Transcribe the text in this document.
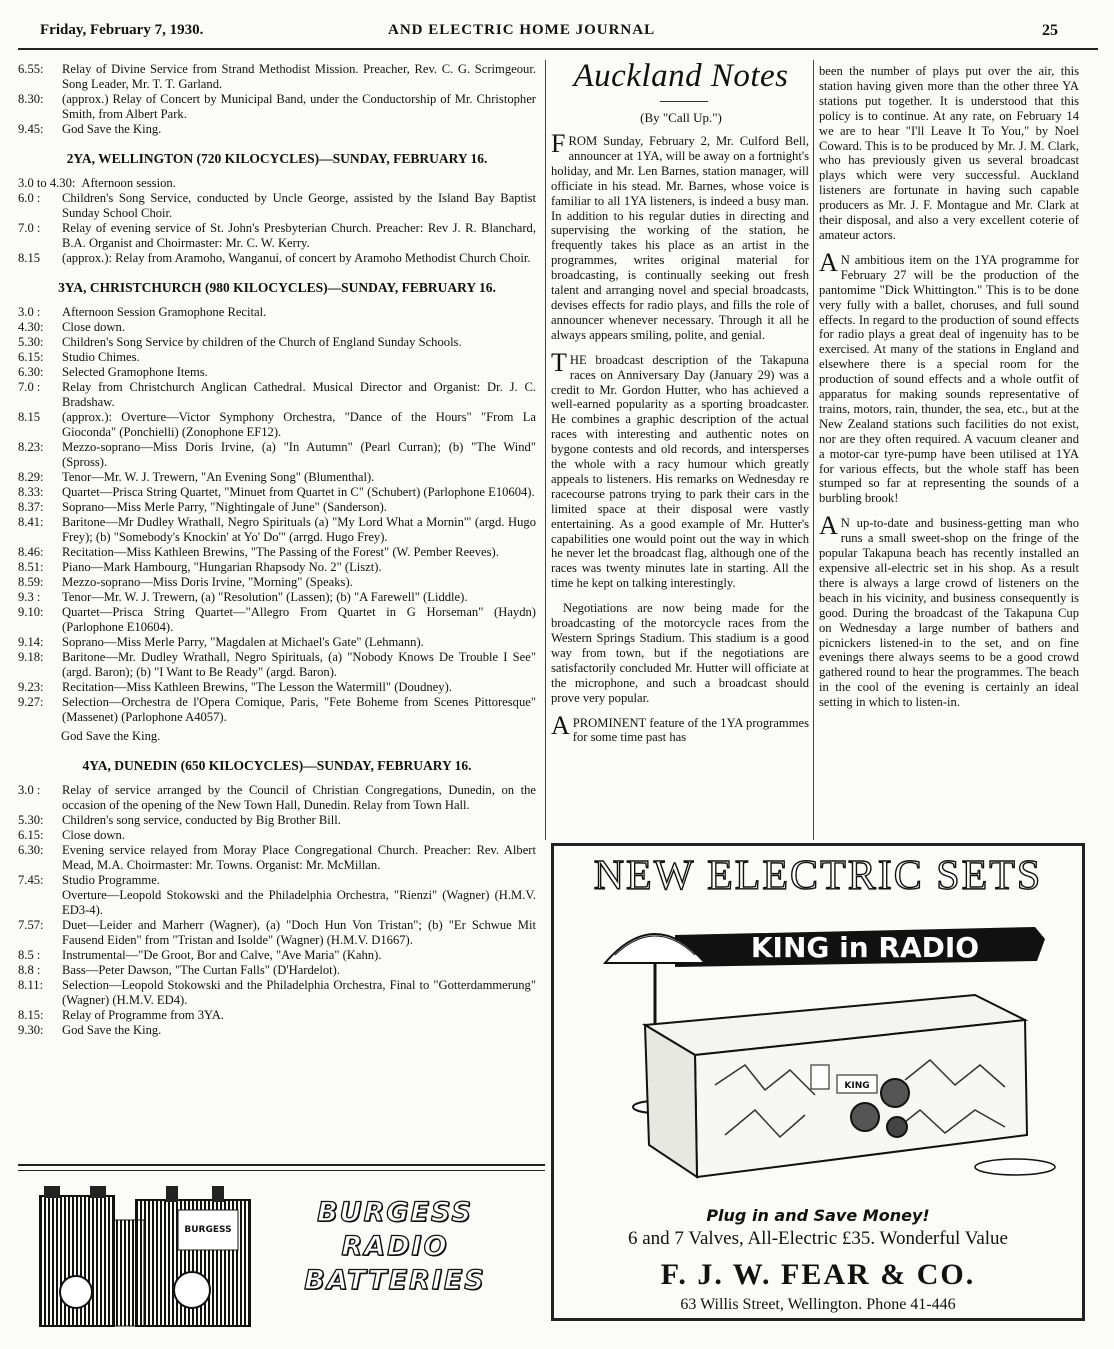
Friday, February 7, 1930.	AND ELECTRIC HOME JOURNAL	25
6.55:	Relay of Divine Service from Strand Methodist Mission. Preacher, Rev. C. G. Scrimgeour. Song Leader, Mr. T. T. Garland.
8.30:	(approx.) Relay of Concert by Municipal Band, under the Conductorship of Mr. Christopher Smith, from Albert Park.
9.45:	God Save the King.
2YA, WELLINGTON (720 KILOCYCLES)—SUNDAY, FEBRUARY 16.
3.0 to 4.30: Afternoon session.
6.0 :	Children's Song Service, conducted by Uncle George, assisted by the Island Bay Baptist Sunday School Choir.
7.0 :	Relay of evening service of St. John's Presbyterian Church. Preacher: Rev J. R. Blanchard, B.A. Organist and Choirmaster: Mr. C. W. Kerry.
8.15	(approx.): Relay from Aramoho, Wanganui, of concert by Aramoho Methodist Church Choir.
3YA, CHRISTCHURCH (980 KILOCYCLES)—SUNDAY, FEBRUARY 16.
3.0 :	Afternoon Session Gramophone Recital.
4.30:	Close down.
5.30:	Children's Song Service by children of the Church of England Sunday Schools.
6.15:	Studio Chimes.
6.30:	Selected Gramophone Items.
7.0 :	Relay from Christchurch Anglican Cathedral. Musical Director and Organist: Dr. J. C. Bradshaw.
8.15	(approx.): Overture—Victor Symphony Orchestra, "Dance of the Hours" "From La Gioconda" (Ponchielli) (Zonophone EF12).
8.23:	Mezzo-soprano—Miss Doris Irvine, (a) "In Autumn" (Pearl Curran); (b) "The Wind" (Spross).
8.29:	Tenor—Mr. W. J. Trewern, "An Evening Song" (Blumenthal).
8.33:	Quartet—Prisca String Quartet, "Minuet from Quartet in C" (Schubert) (Parlophone E10604).
8.37:	Soprano—Miss Merle Parry, "Nightingale of June" (Sanderson).
8.41:	Baritone—Mr Dudley Wrathall, Negro Spirituals (a) "My Lord What a Mornin'" (argd. Hugo Frey); (b) "Somebody's Knockin' at Yo' Do'" (arrgd. Hugo Frey).
8.46:	Recitation—Miss Kathleen Brewins, "The Passing of the Forest" (W. Pember Reeves).
8.51:	Piano—Mark Hambourg, "Hungarian Rhapsody No. 2" (Liszt).
8.59:	Mezzo-soprano—Miss Doris Irvine, "Morning" (Speaks).
9.3 :	Tenor—Mr. W. J. Trewern, (a) "Resolution" (Lassen); (b) "A Farewell" (Liddle).
9.10:	Quartet—Prisca String Quartet—"Allegro From Quartet in G Horseman" (Haydn) (Parlophone E10604).
9.14:	Soprano—Miss Merle Parry, "Magdalen at Michael's Gate" (Lehmann).
9.18:	Baritone—Mr. Dudley Wrathall, Negro Spirituals, (a) "Nobody Knows De Trouble I See" (argd. Baron); (b) "I Want to Be Ready" (argd. Baron).
9.23:	Recitation—Miss Kathleen Brewins, "The Lesson the Watermill" (Doudney).
9.27:	Selection—Orchestra de l'Opera Comique, Paris, "Fete Boheme from Scenes Pittoresque" (Massenet) (Parlophone A4057).
God Save the King.
4YA, DUNEDIN (650 KILOCYCLES)—SUNDAY, FEBRUARY 16.
3.0 :	Relay of service arranged by the Council of Christian Congregations, Dunedin, on the occasion of the opening of the New Town Hall, Dunedin. Relay from Town Hall.
5.30:	Children's song service, conducted by Big Brother Bill.
6.15:	Close down.
6.30:	Evening service relayed from Moray Place Congregational Church. Preacher: Rev. Albert Mead, M.A. Choirmaster: Mr. Towns. Organist: Mr. McMillan.
7.45:	Studio Programme.
Overture—Leopold Stokowski and the Philadelphia Orchestra, "Rienzi" (Wagner) (H.M.V. ED3-4).
7.57:	Duet—Leider and Marherr (Wagner), (a) "Doch Hun Von Tristan"; (b) "Er Schwue Mit Fausend Eiden" from "Tristan and Isolde" (Wagner) (H.M.V. D1667).
8.5 :	Instrumental—"De Groot, Bor and Calve, "Ave Maria" (Kahn).
8.8 :	Bass—Peter Dawson, "The Curtan Falls" (D'Hardelot).
8.11:	Selection—Leopold Stokowski and the Philadelphia Orchestra, Final to "Gotterdammerung" (Wagner) (H.M.V. ED4).
8.15:	Relay of Programme from 3YA.
9.30:	God Save the King.
Auckland Notes
(By "Call Up.")

FROM Sunday, February 2, Mr. Culford Bell, announcer at 1YA, will be away on a fortnight's holiday, and Mr. Len Barnes, station manager, will officiate in his stead. Mr. Barnes, whose voice is familiar to all 1YA listeners, is indeed a busy man. In addition to his regular duties in directing and supervising the working of the station, he frequently takes his place as an artist in the programmes, writes original material for broadcasting, is continually seeking out fresh talent and arranging novel and special broadcasts, devises effects for radio plays, and fills the role of announcer whenever necessary. Through it all he always appears smiling, polite, and genial.

THE broadcast description of the Takapuna races on Anniversary Day (January 29) was a credit to Mr. Gordon Hutter, who has achieved a well-earned popularity as a sporting broadcaster. He combines a graphic description of the actual races with interesting and authentic notes on bygone contests and old records, and intersperses the whole with a racy humour which greatly appeals to listeners. His remarks on Wednesday re racecourse patrons trying to park their cars in the limited space at their disposal were vastly entertaining. As a good example of Mr. Hutter's capabilities one would point out the way in which he never let the broadcast flag, although one of the races was twenty minutes late in starting. All the time he kept on talking interestingly.

Negotiations are now being made for the broadcasting of the motorcycle races from the Western Springs Stadium. This stadium is a good way from town, but if the negotiations are satisfactorily concluded Mr. Hutter will officiate at the microphone, and such a broadcast should prove very popular.

A PROMINENT feature of the 1YA programmes for some time past has

been the number of plays put over the air, this station having given more than the other three YA stations put together. It is understood that this policy is to continue. At any rate, on February 14 we are to hear "I'll Leave It To You," by Noel Coward. This is to be produced by Mr. J. M. Clark, who has previously given us several broadcast plays which were very successful. Auckland listeners are fortunate in having such capable producers as Mr. J. F. Montague and Mr. Clark at their disposal, and also a very excellent coterie of amateur actors.

A N ambitious item on the 1YA programme for February 27 will be the production of the pantomime "Dick Whittington." This is to be done very fully with a ballet, choruses, and full sound effects. In regard to the production of sound effects for radio plays a great deal of ingenuity has to be exercised. At many of the stations in England and elsewhere there is a special room for the production of sound effects and a whole outfit of apparatus for making sounds representative of trains, motors, rain, thunder, the sea, etc., but at the New Zealand stations such facilities do not exist, nor are they often required. A vacuum cleaner and a motor-car tyre-pump have been utilised at 1YA for various effects, but the whole staff has been stumped so far at representing the sounds of a burbling brook!

A N up-to-date and business-getting man who runs a small sweet-shop on the fringe of the popular Takapuna beach has recently installed an expensive all-electric set in his shop. As a result there is always a large crowd of listeners on the beach in his vicinity, and business consequently is good. During the broadcast of the Takapuna Cup on Wednesday a large number of bathers and picnickers listened-in to the set, and on fine evenings there always seems to be a good crowd gathered round to hear the programmes. The beach in the cool of the evening is certainly an ideal setting in which to listen-in.

BURGESS
BURGESS
RADIO
BATTERIES
NEW ELECTRIC SETS
KING in RADIO
KING
Plug in and Save Money!
6 and 7 Valves, All-Electric £35. Wonderful Value
F. J. W. FEAR & CO.
63 Willis Street, Wellington. Phone 41-446
